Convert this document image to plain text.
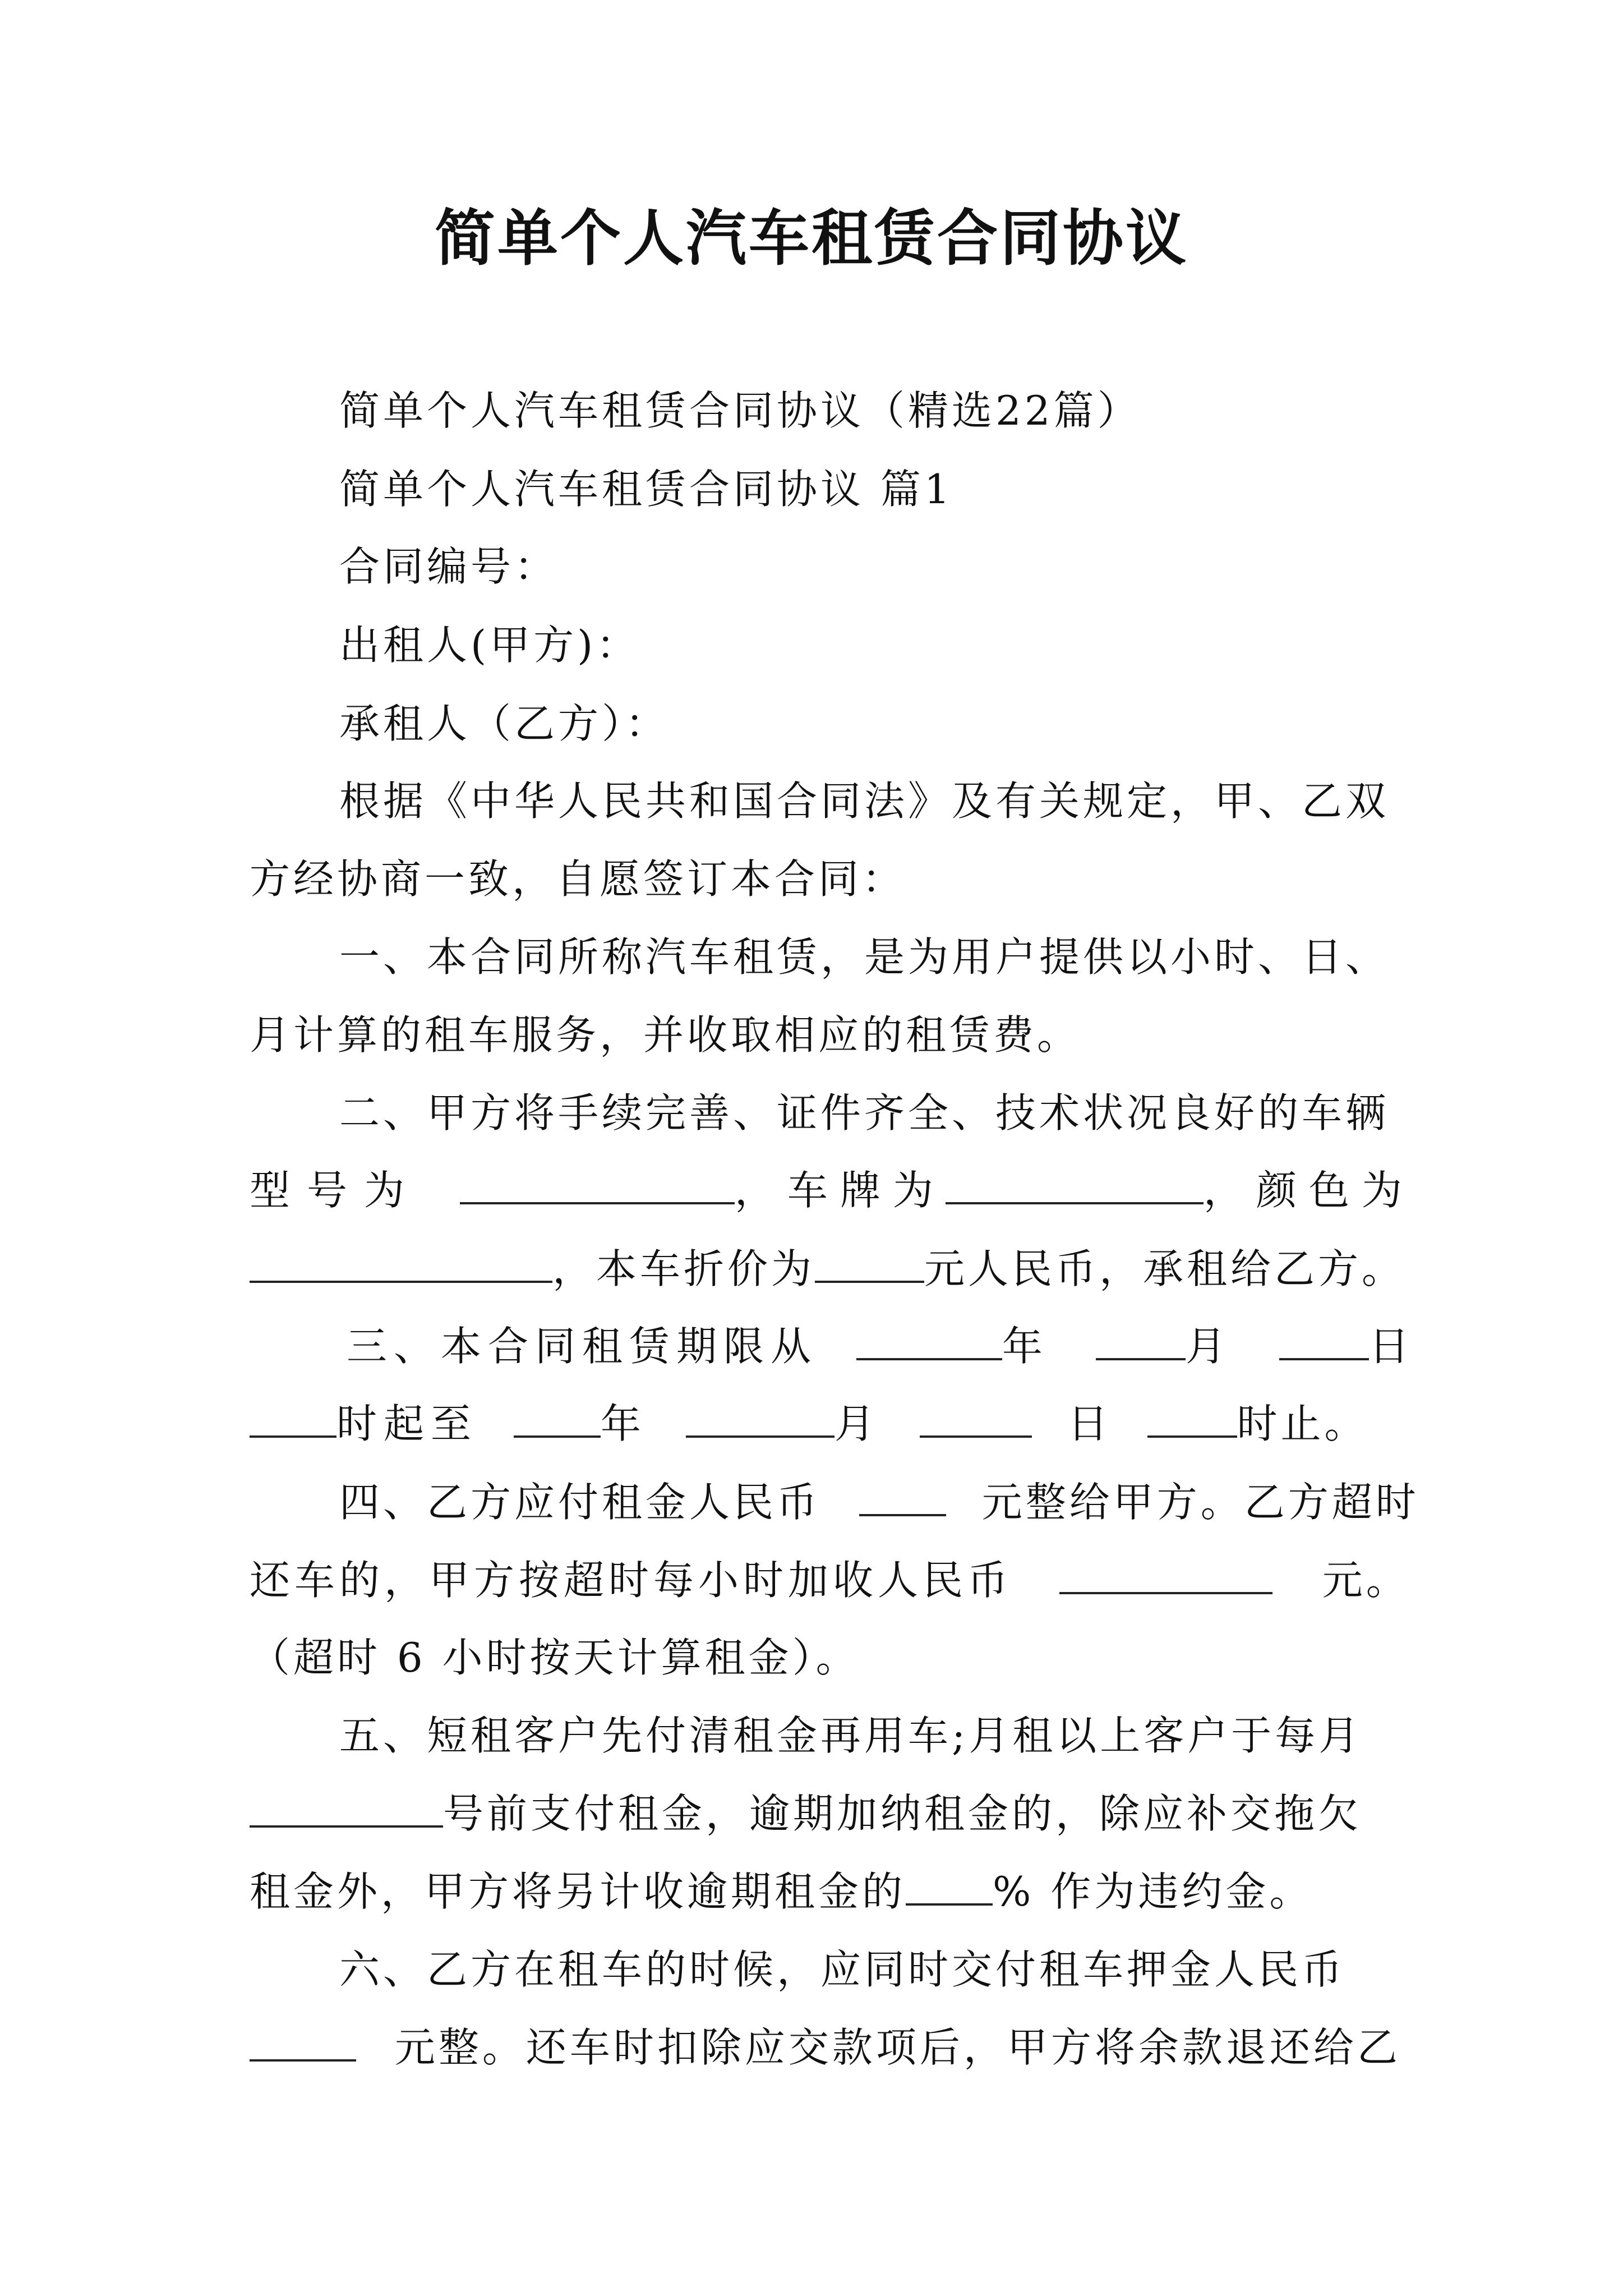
简单个人汽车租赁合同协议
简单个人汽车租赁合同协议（精选22篇）
简单个人汽车租赁合同协议 篇1
合同编号：
出租人(甲方)：
承租人（乙方）：
根据《中华人民共和国合同法》及有关规定，甲、乙双
方经协商一致，自愿签订本合同：
一、本合同所称汽车租赁，是为用户提供以小时、日、
月计算的租车服务，并收取相应的租赁费。
二、甲方将手续完善、证件齐全、技术状况良好的车辆
型号为	，车牌为	，颜色为
，本车折价为	元人民币，承租给乙方。
三、本合同租赁期限从	年	月	日
时起至	年	月	日	时止。
四、乙方应付租金人民币	元整给甲方。乙方超时
还车的，甲方按超时每小时加收人民币	元。
（超时 6 小时按天计算租金）。
五、短租客户先付清租金再用车;月租以上客户于每月
号前支付租金，逾期加纳租金的，除应补交拖欠
租金外，甲方将另计收逾期租金的 % 作为违约金。
六、乙方在租车的时候，应同时交付租车押金人民币
元整。还车时扣除应交款项后，甲方将余款退还给乙
